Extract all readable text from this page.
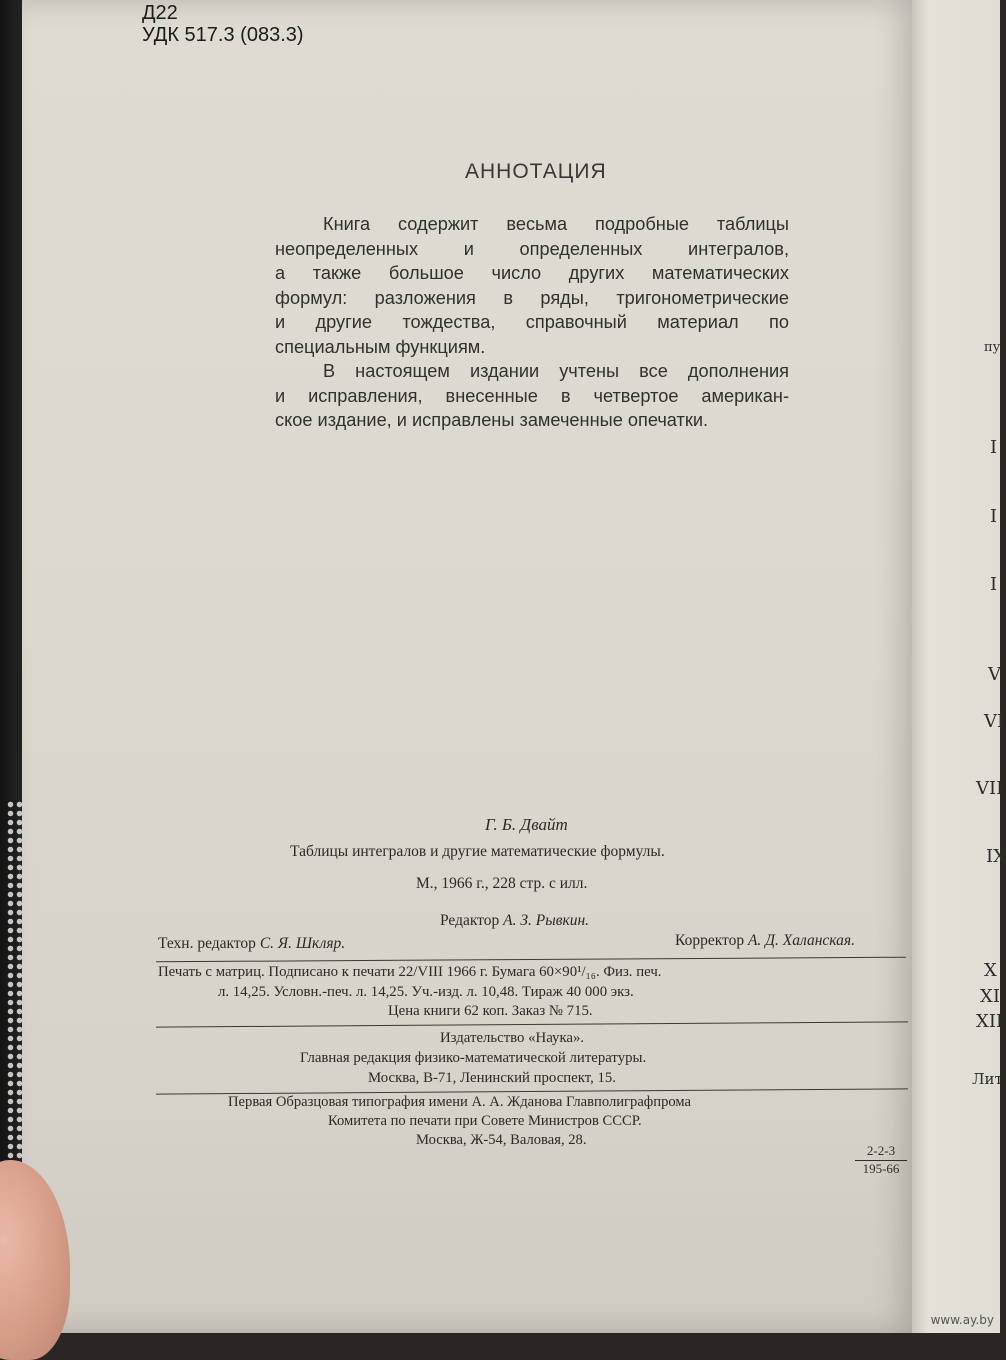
Д22
УДК 517.3 (083.3)
АННОТАЦИЯ

Книга содержит весьма подробные таблицы
неопределенных и определенных интегралов,
а также большое число других математических
формул: разложения в ряды, тригонометрические
и другие тождества, справочный материал по
специальным функциям.

В настоящем издании учтены все дополнения
и исправления, внесенные в четвертое американ-
ское издание, и исправлены замеченные опечатки.

Г. Б. Двайт
Таблицы интегралов и другие математические формулы.
М., 1966 г., 228 стр. с илл.
Редактор А. З. Рывкин.
Техн. редактор С. Я. Шкляр.	Корректор А. Д. Халанская.
Печать с матриц. Подписано к печати 22/VIII 1966 г. Бумага 60×90¹/₁₆. Физ. печ.
л. 14,25. Условн.-печ. л. 14,25. Уч.-изд. л. 10,48. Тираж 40 000 экз.
Цена книги 62 коп. Заказ № 715.
Издательство «Наука».
Главная редакция физико-математической литературы.
Москва, В-71, Ленинский проспект, 15.
Первая Образцовая типография имени А. А. Жданова Главполиграфпрома
Комитета по печати при Совете Министров СССР.
Москва, Ж-54, Валовая, 28.
$\frac{2-2-3}{195-66}$
пу
I
I
I
V
VI
VII
IX
X
XI
XII
Лит
www.ay.by
